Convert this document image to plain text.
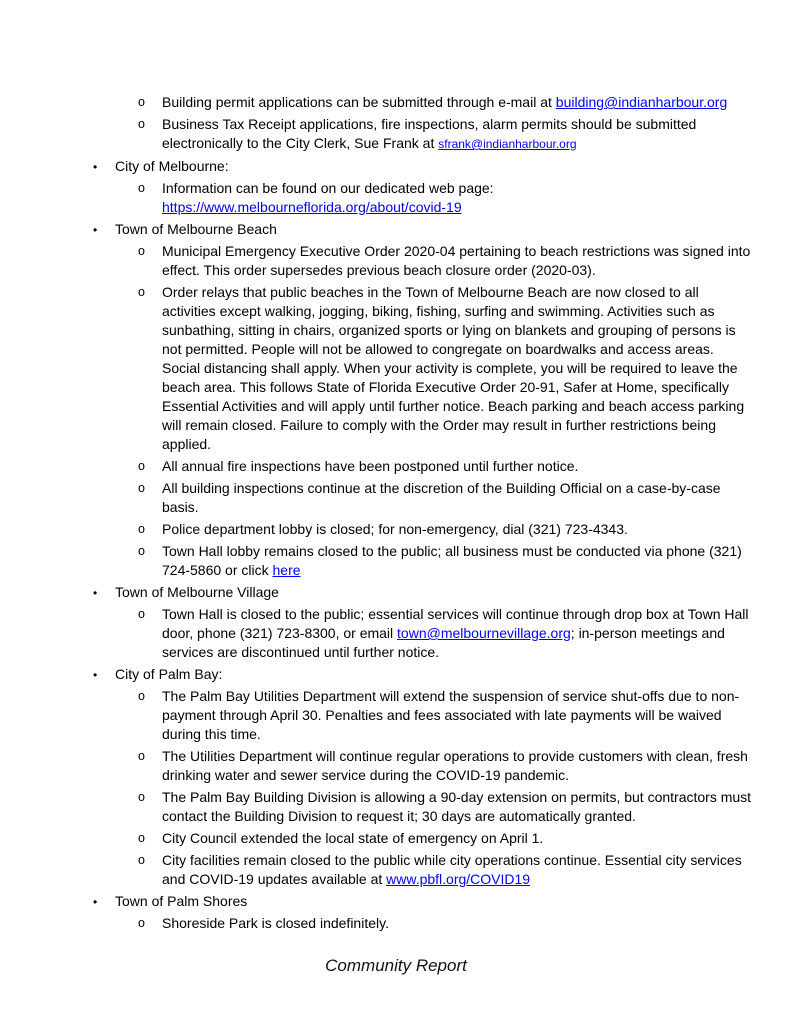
o Building permit applications can be submitted through e-mail at building@indianharbour.org
o Business Tax Receipt applications, fire inspections, alarm permits should be submitted electronically to the City Clerk, Sue Frank at sfrank@indianharbour.org
• City of Melbourne:
o Information can be found on our dedicated web page: https://www.melbourneflorida.org/about/covid-19
• Town of Melbourne Beach
o Municipal Emergency Executive Order 2020-04 pertaining to beach restrictions was signed into effect. This order supersedes previous beach closure order (2020-03).
o Order relays that public beaches in the Town of Melbourne Beach are now closed to all activities except walking, jogging, biking, fishing, surfing and swimming. Activities such as sunbathing, sitting in chairs, organized sports or lying on blankets and grouping of persons is not permitted. People will not be allowed to congregate on boardwalks and access areas. Social distancing shall apply. When your activity is complete, you will be required to leave the beach area. This follows State of Florida Executive Order 20-91, Safer at Home, specifically Essential Activities and will apply until further notice. Beach parking and beach access parking will remain closed. Failure to comply with the Order may result in further restrictions being applied.
o All annual fire inspections have been postponed until further notice.
o All building inspections continue at the discretion of the Building Official on a case-by-case basis.
o Police department lobby is closed; for non-emergency, dial (321) 723-4343.
o Town Hall lobby remains closed to the public; all business must be conducted via phone (321) 724-5860 or click here
• Town of Melbourne Village
o Town Hall is closed to the public; essential services will continue through drop box at Town Hall door, phone (321) 723-8300, or email town@melbournevillage.org; in-person meetings and services are discontinued until further notice.
• City of Palm Bay:
o The Palm Bay Utilities Department will extend the suspension of service shut-offs due to non-payment through April 30. Penalties and fees associated with late payments will be waived during this time.
o The Utilities Department will continue regular operations to provide customers with clean, fresh drinking water and sewer service during the COVID-19 pandemic.
o The Palm Bay Building Division is allowing a 90-day extension on permits, but contractors must contact the Building Division to request it; 30 days are automatically granted.
o City Council extended the local state of emergency on April 1.
o City facilities remain closed to the public while city operations continue. Essential city services and COVID-19 updates available at www.pbfl.org/COVID19
• Town of Palm Shores
o Shoreside Park is closed indefinitely.
Community Report
